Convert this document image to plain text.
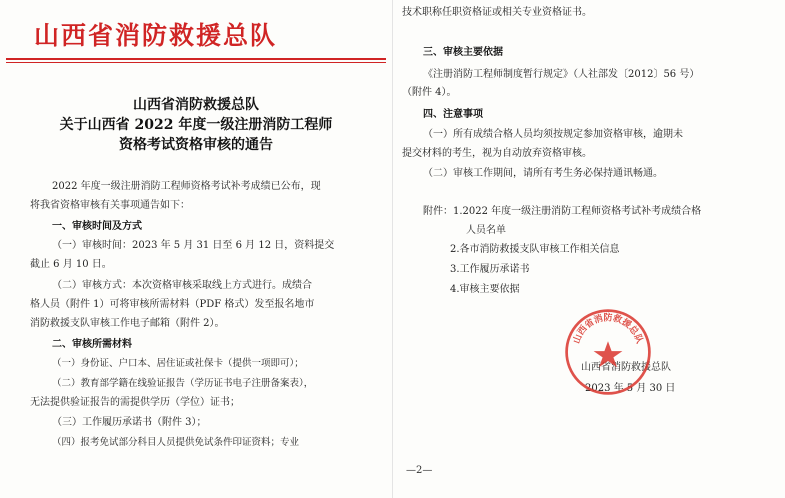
山西省消防救援总队
山西省消防救援总队
关于山西省 2022 年度一级注册消防工程师
资格考试资格审核的通告
2022 年度一级注册消防工程师资格考试补考成绩已公布，现
将我省资格审核有关事项通告如下：
一、审核时间及方式
（一）审核时间：2023 年 5 月 31 日至 6 月 12 日，资料提交
截止 6 月 10 日。
（二）审核方式：本次资格审核采取线上方式进行。成绩合
格人员（附件 1）可将审核所需材料（PDF 格式）发至报名地市
消防救援支队审核工作电子邮箱（附件 2）。
二、审核所需材料
（一）身份证、户口本、居住证或社保卡（提供一项即可）；
（二）教育部学籍在线验证报告（学历证书电子注册备案表），
无法提供验证报告的需提供学历（学位）证书；
（三）工作履历承诺书（附件 3）；
（四）报考免试部分科目人员提供免试条件印证资料；专业
技术职称任职资格证或相关专业资格证书。
三、审核主要依据
《注册消防工程师制度暂行规定》（人社部发〔2012〕56 号）
（附件 4）。
四、注意事项
（一）所有成绩合格人员均须按规定参加资格审核，逾期未
提交材料的考生，视为自动放弃资格审核。
（二）审核工作期间，请所有考生务必保持通讯畅通。
附件：1.2022 年度一级注册消防工程师资格考试补考成绩合格
人员名单
2.各市消防救援支队审核工作相关信息
3.工作履历承诺书
4.审核主要依据
山西省消防救援总队
2023 年 5 月 30 日
—2—
山西省消防救援总队
